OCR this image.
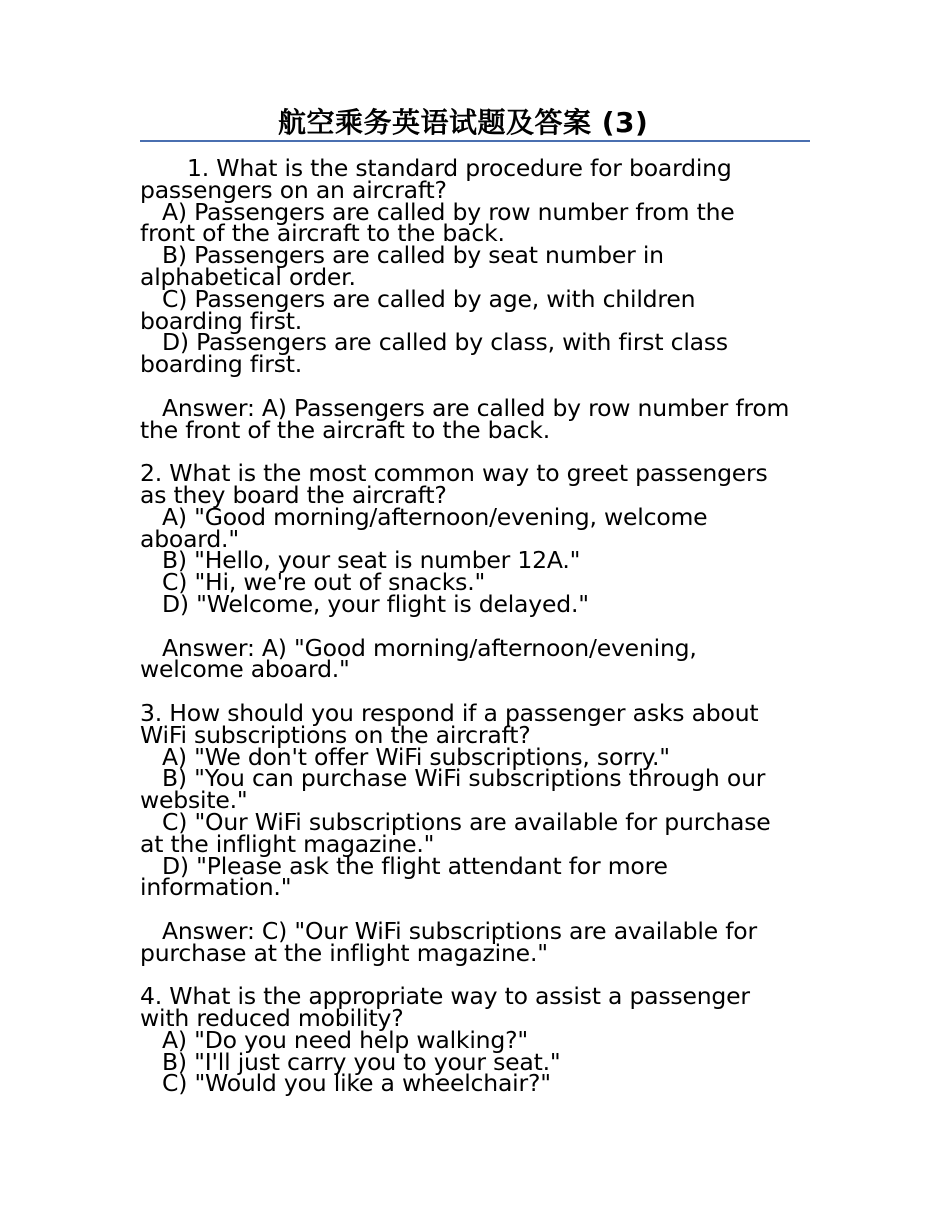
航空乘务英语试题及答案 (3)
1. What is the standard procedure for boarding
passengers on an aircraft?
A) Passengers are called by row number from the
front of the aircraft to the back.
B) Passengers are called by seat number in
alphabetical order.
C) Passengers are called by age, with children
boarding first.
D) Passengers are called by class, with first class
boarding first.
Answer: A) Passengers are called by row number from
the front of the aircraft to the back.
2. What is the most common way to greet passengers
as they board the aircraft?
A) "Good morning/afternoon/evening, welcome
aboard."
B) "Hello, your seat is number 12A."
C) "Hi, we're out of snacks."
D) "Welcome, your flight is delayed."
Answer: A) "Good morning/afternoon/evening,
welcome aboard."
3. How should you respond if a passenger asks about
WiFi subscriptions on the aircraft?
A) "We don't offer WiFi subscriptions, sorry."
B) "You can purchase WiFi subscriptions through our
website."
C) "Our WiFi subscriptions are available for purchase
at the inflight magazine."
D) "Please ask the flight attendant for more
information."
Answer: C) "Our WiFi subscriptions are available for
purchase at the inflight magazine."
4. What is the appropriate way to assist a passenger
with reduced mobility?
A) "Do you need help walking?"
B) "I'll just carry you to your seat."
C) "Would you like a wheelchair?"
